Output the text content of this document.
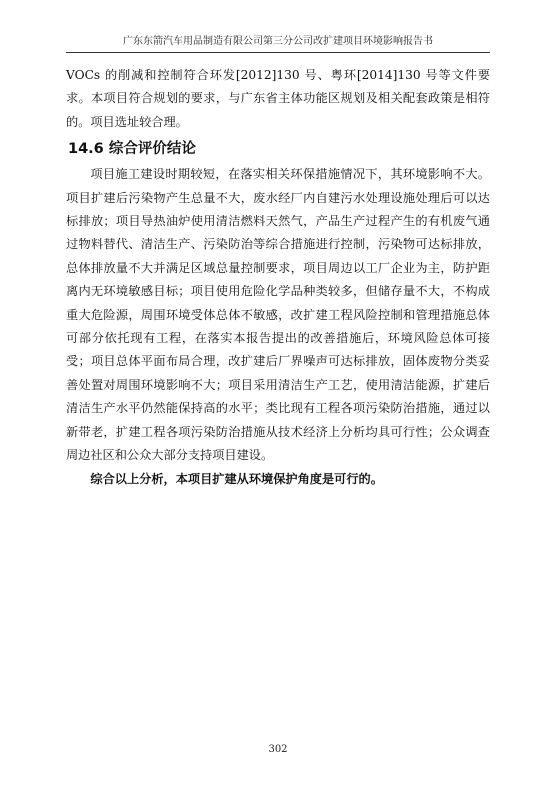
广东东箭汽车用品制造有限公司第三分公司改扩建项目环境影响报告书

VOCs 的削减和控制符合环发[2012]130 号、粤环[2014]130 号等文件要求。本项目符合规划的要求，与广东省主体功能区规划及相关配套政策是相符的。项目选址较合理。

14.6 综合评价结论

项目施工建设时期较短，在落实相关环保措施情况下，其环境影响不大。项目扩建后污染物产生总量不大，废水经厂内自建污水处理设施处理后可以达标排放；项目导热油炉使用清洁燃料天然气，产品生产过程产生的有机废气通过物料替代、清洁生产、污染防治等综合措施进行控制，污染物可达标排放，总体排放量不大并满足区域总量控制要求，项目周边以工厂企业为主，防护距离内无环境敏感目标；项目使用危险化学品种类较多，但储存量不大，不构成重大危险源，周围环境受体总体不敏感，改扩建工程风险控制和管理措施总体可部分依托现有工程，在落实本报告提出的改善措施后，环境风险总体可接受；项目总体平面布局合理，改扩建后厂界噪声可达标排放，固体废物分类妥善处置对周围环境影响不大；项目采用清洁生产工艺，使用清洁能源，扩建后清洁生产水平仍然能保持高的水平；类比现有工程各项污染防治措施，通过以新带老，扩建工程各项污染防治措施从技术经济上分析均具可行性；公众调查周边社区和公众大部分支持项目建设。

综合以上分析，本项目扩建从环境保护角度是可行的。

302
